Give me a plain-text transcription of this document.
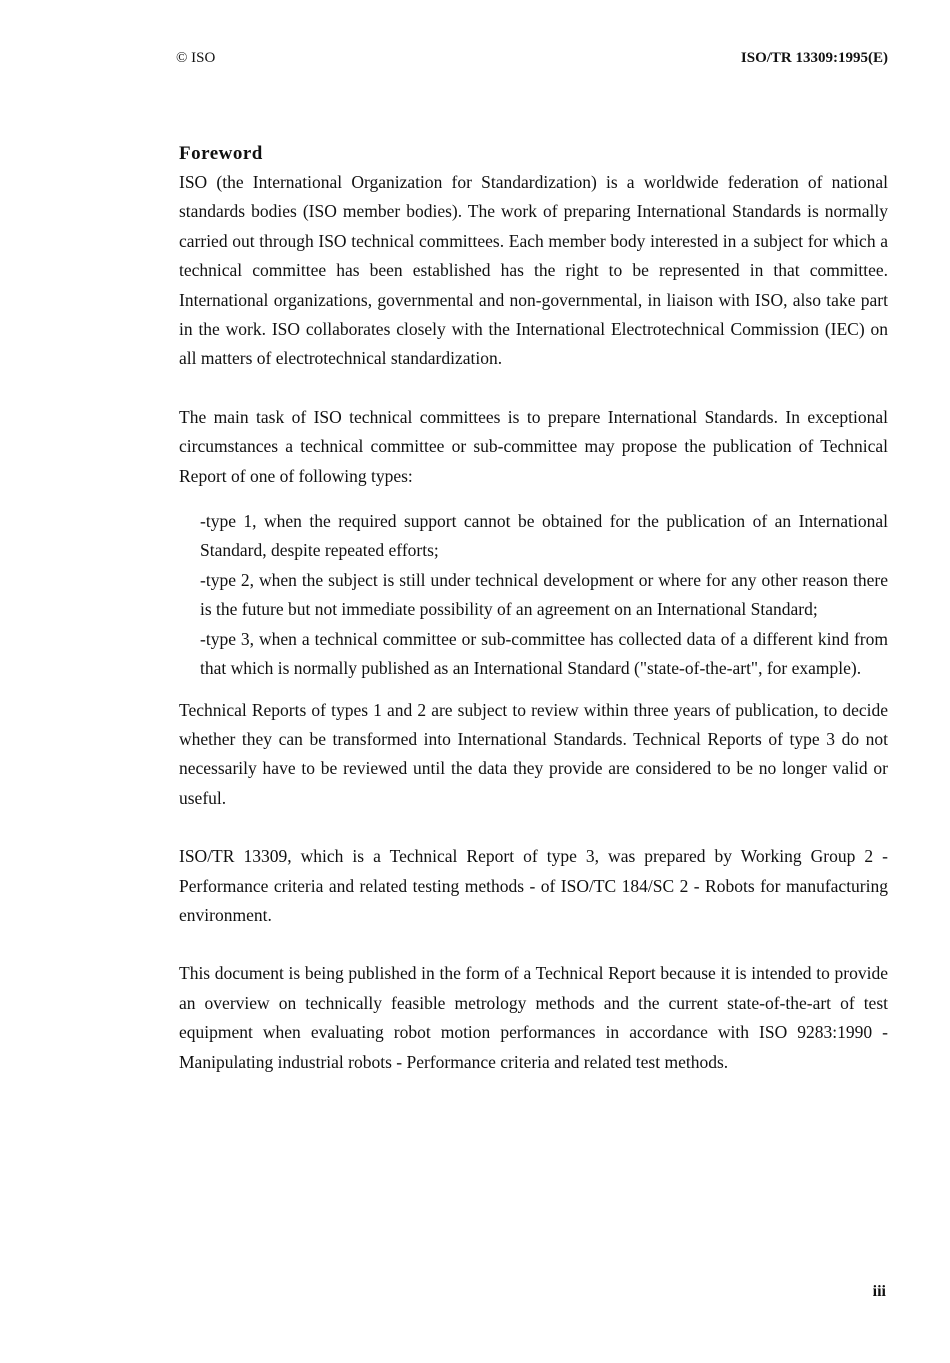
© ISO	ISO/TR 13309:1995(E)
Foreword

ISO (the International Organization for Standardization) is a worldwide federation of national standards bodies (ISO member bodies). The work of preparing International Standards is normally carried out through ISO technical committees. Each member body interested in a subject for which a technical committee has been established has the right to be represented in that committee. International organizations, governmental and non-governmental, in liaison with ISO, also take part in the work. ISO collaborates closely with the International Electrotechnical Commission (IEC) on all matters of electrotechnical standardization.

The main task of ISO technical committees is to prepare International Standards. In exceptional circumstances a technical committee or sub-committee may propose the publication of Technical Report of one of following types:

-type 1, when the required support cannot be obtained for the publication of an International Standard, despite repeated efforts;

-type 2, when the subject is still under technical development or where for any other reason there is the future but not immediate possibility of an agreement on an International Standard;

-type 3, when a technical committee or sub-committee has collected data of a different kind from that which is normally published as an International Standard ("state-of-the-art", for example).

Technical Reports of types 1 and 2 are subject to review within three years of publication, to decide whether they can be transformed into International Standards. Technical Reports of type 3 do not necessarily have to be reviewed until the data they provide are considered to be no longer valid or useful.

ISO/TR 13309, which is a Technical Report of type 3, was prepared by Working Group 2 - Performance criteria and related testing methods - of ISO/TC 184/SC 2 - Robots for manufacturing environment.

This document is being published in the form of a Technical Report because it is intended to provide an overview on technically feasible metrology methods and the current state-of-the-art of test equipment when evaluating robot motion performances in accordance with ISO 9283:1990 - Manipulating industrial robots - Performance criteria and related test methods.

iii
